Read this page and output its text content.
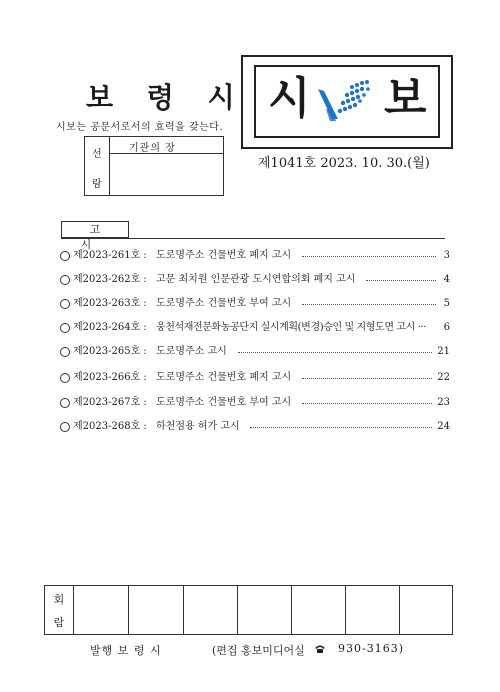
보 령 시
시보는 공문서로서의 효력을 갖는다.
선
람
기관의 장
시 보
제1041호 2023. 10. 30.(월)
고시
제2023-261호 : 도로명주소 건물번호 폐지 고시	3
제2023-262호 : 고문 최치원 인문관광 도시연합의회 폐지 고시	4
제2023-263호 : 도로명주소 건물번호 부여 고시	5
제2023-264호 : 웅천석재전문화농공단지 실시계획(변경)승인 및 지형도면 고시 ··· 6
제2023-265호 : 도로명주소 고시	21
제2023-266호 : 도로명주소 건물번호 폐지 고시	22
제2023-267호 : 도로명주소 건물번호 부여 고시	23
제2023-268호 : 하천점용 허가 고시	24
회
람
발행 보 령 시	(편집 홍보미디어실	930-3163)
